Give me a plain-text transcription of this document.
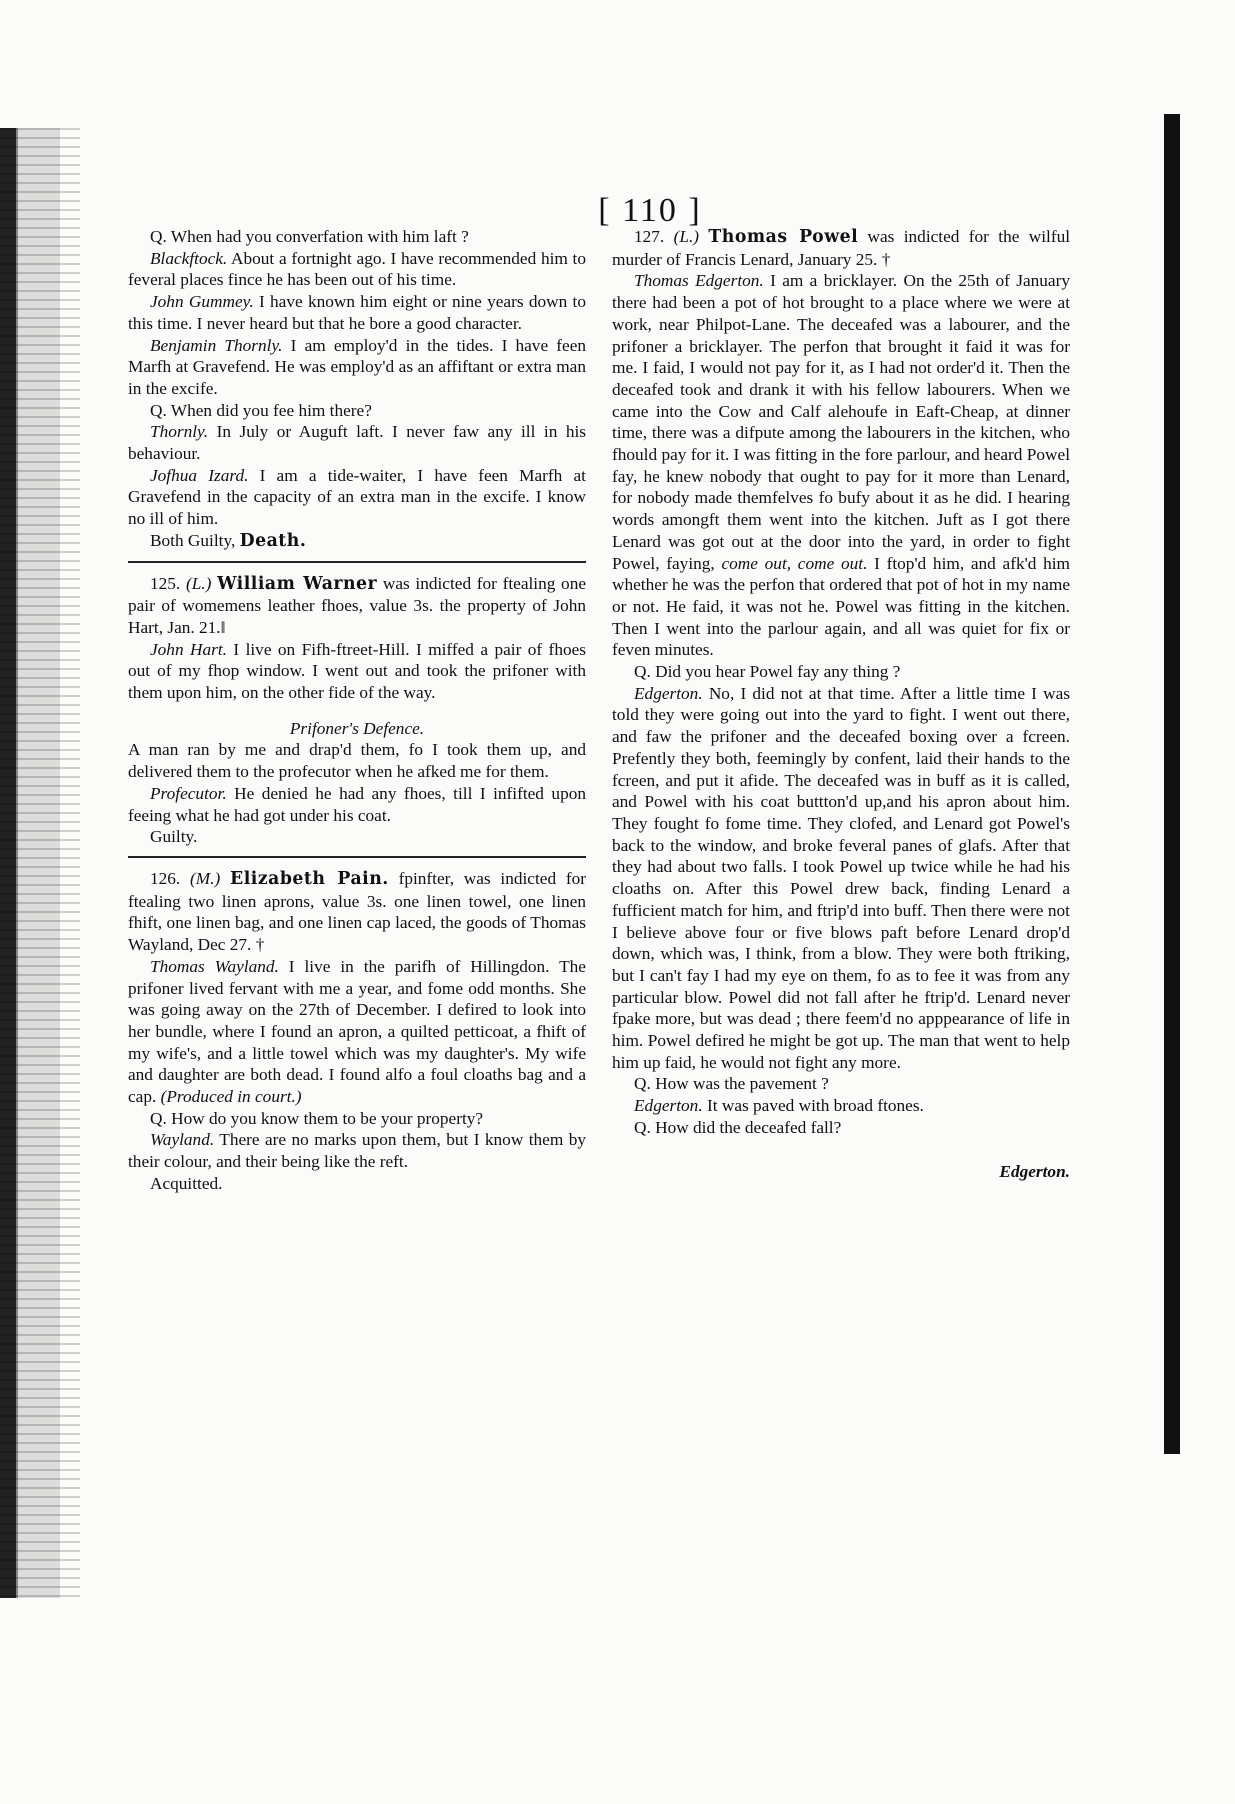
[ 110 ]

Q. When had you converfation with him laft ?

Blackftock. About a fortnight ago. I have recommended him to feveral places fince he has been out of his time.

John Gummey. I have known him eight or nine years down to this time. I never heard but that he bore a good character.

Benjamin Thornly. I am employ'd in the tides. I have feen Marfh at Gravefend. He was employ'd as an affiftant or extra man in the excife.

Q. When did you fee him there?

Thornly. In July or Auguft laft. I never faw any ill in his behaviour.

Jofhua Izard. I am a tide-waiter, I have feen Marfh at Gravefend in the capacity of an extra man in the excife. I know no ill of him.

Both Guilty, Death.

125. (L.) William Warner was indicted for ftealing one pair of womemens leather fhoes, value 3s. the property of John Hart, Jan. 21.‖

John Hart. I live on Fifh-ftreet-Hill. I miffed a pair of fhoes out of my fhop window. I went out and took the prifoner with them upon him, on the other fide of the way.

Prifoner's Defence.

A man ran by me and drap'd them, fo I took them up, and delivered them to the profecutor when he afked me for them.

Profecutor. He denied he had any fhoes, till I infifted upon feeing what he had got under his coat.

Guilty.

126. (M.) Elizabeth Pain. fpinfter, was indicted for ftealing two linen aprons, value 3s. one linen towel, one linen fhift, one linen bag, and one linen cap laced, the goods of Thomas Wayland, Dec 27. †

Thomas Wayland. I live in the parifh of Hillingdon. The prifoner lived fervant with me a year, and fome odd months. She was going away on the 27th of December. I defired to look into her bundle, where I found an apron, a quilted petticoat, a fhift of my wife's, and a little towel which was my daughter's. My wife and daughter are both dead. I found alfo a foul cloaths bag and a cap. (Produced in court.)

Q. How do you know them to be your property?

Wayland. There are no marks upon them, but I know them by their colour, and their being like the reft.

Acquitted.

127. (L.) Thomas Powel was indicted for the wilful murder of Francis Lenard, January 25. †

Thomas Edgerton. I am a bricklayer. On the 25th of January there had been a pot of hot brought to a place where we were at work, near Philpot-Lane. The deceafed was a labourer, and the prifoner a bricklayer. The perfon that brought it faid it was for me. I faid, I would not pay for it, as I had not order'd it. Then the deceafed took and drank it with his fellow labourers. When we came into the Cow and Calf alehoufe in Eaft-Cheap, at dinner time, there was a difpute among the labourers in the kitchen, who fhould pay for it. I was fitting in the fore parlour, and heard Powel fay, he knew nobody that ought to pay for it more than Lenard, for nobody made themfelves fo bufy about it as he did. I hearing words amongft them went into the kitchen. Juft as I got there Lenard was got out at the door into the yard, in order to fight Powel, faying, come out, come out. I ftop'd him, and afk'd him whether he was the perfon that ordered that pot of hot in my name or not. He faid, it was not he. Powel was fitting in the kitchen. Then I went into the parlour again, and all was quiet for fix or feven minutes.

Q. Did you hear Powel fay any thing ?

Edgerton. No, I did not at that time. After a little time I was told they were going out into the yard to fight. I went out there, and faw the prifoner and the deceafed boxing over a fcreen. Prefently they both, feemingly by confent, laid their hands to the fcreen, and put it afide. The deceafed was in buff as it is called, and Powel with his coat buttton'd up,and his apron about him. They fought fo fome time. They clofed, and Lenard got Powel's back to the window, and broke feveral panes of glafs. After that they had about two falls. I took Powel up twice while he had his cloaths on. After this Powel drew back, finding Lenard a fufficient match for him, and ftrip'd into buff. Then there were not I believe above four or five blows paft before Lenard drop'd down, which was, I think, from a blow. They were both ftriking, but I can't fay I had my eye on them, fo as to fee it was from any particular blow. Powel did not fall after he ftrip'd. Lenard never fpake more, but was dead ; there feem'd no apppearance of life in him. Powel defired he might be got up. The man that went to help him up faid, he would not fight any more.

Q. How was the pavement ?

Edgerton. It was paved with broad ftones.

Q. How did the deceafed fall?

Edgerton.
